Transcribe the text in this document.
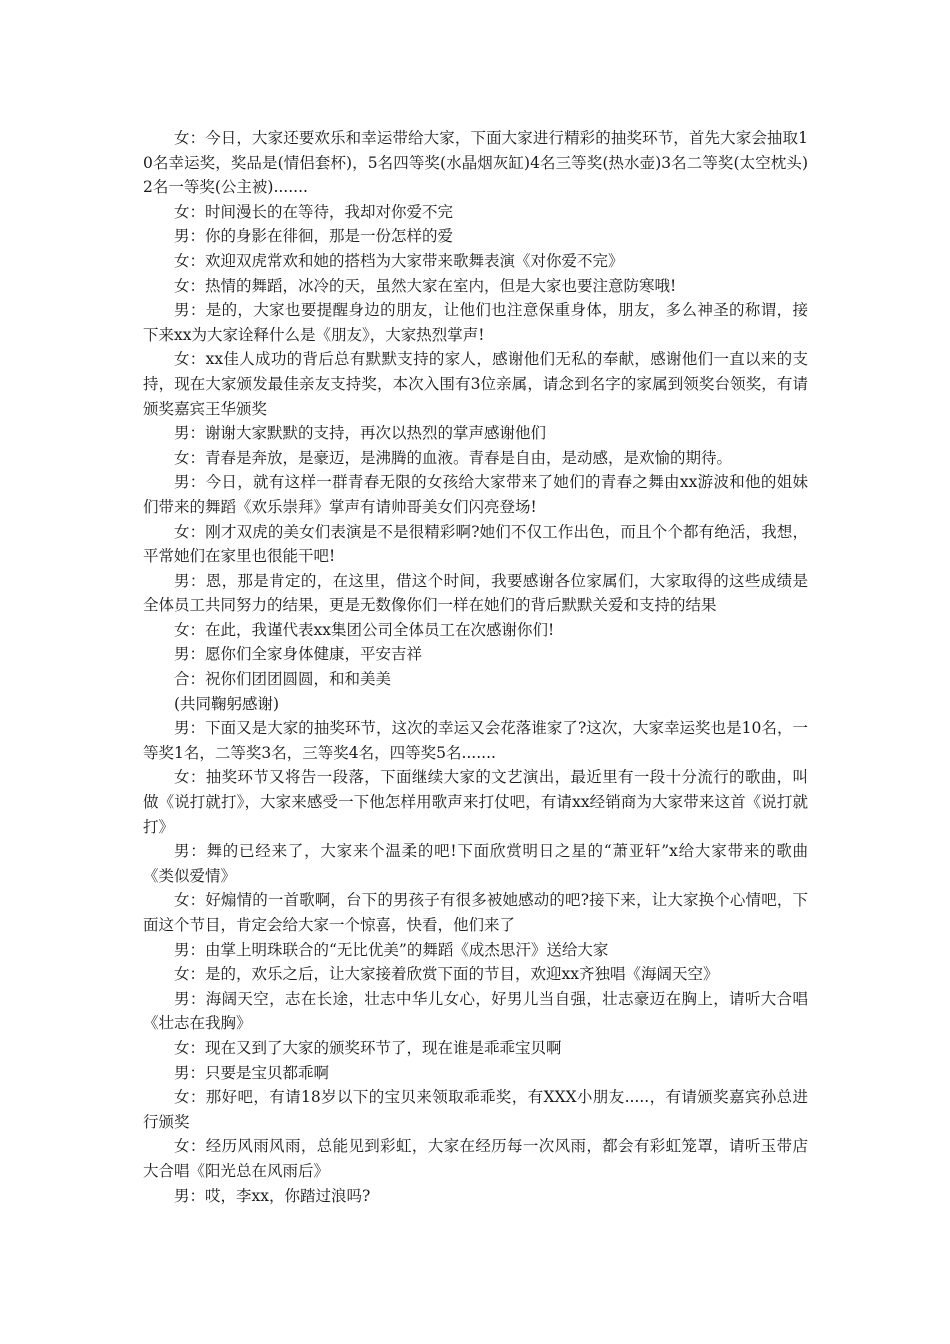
女：今日，大家还要欢乐和幸运带给大家，下面大家进行精彩的抽奖环节，首先大家会抽取10名幸运奖，奖品是(情侣套杯)，5名四等奖(水晶烟灰缸)4名三等奖(热水壶)3名二等奖(太空枕头)2名一等奖(公主被).......

女：时间漫长的在等待，我却对你爱不完

男：你的身影在徘徊，那是一份怎样的爱

女：欢迎双虎常欢和她的搭档为大家带来歌舞表演《对你爱不完》

女：热情的舞蹈，冰冷的天，虽然大家在室内，但是大家也要注意防寒哦!

男：是的，大家也要提醒身边的朋友，让他们也注意保重身体，朋友，多么神圣的称谓，接下来xx为大家诠释什么是《朋友》，大家热烈掌声!

女：xx佳人成功的背后总有默默支持的家人，感谢他们无私的奉献，感谢他们一直以来的支持，现在大家颁发最佳亲友支持奖，本次入围有3位亲属，请念到名字的家属到领奖台领奖，有请颁奖嘉宾王华颁奖

男：谢谢大家默默的支持，再次以热烈的掌声感谢他们

女：青春是奔放，是豪迈，是沸腾的血液。青春是自由，是动感，是欢愉的期待。

男：今日，就有这样一群青春无限的女孩给大家带来了她们的青春之舞由xx游波和他的姐妹们带来的舞蹈《欢乐崇拜》掌声有请帅哥美女们闪亮登场!

女：刚才双虎的美女们表演是不是很精彩啊?她们不仅工作出色，而且个个都有绝活，我想，平常她们在家里也很能干吧!

男：恩，那是肯定的，在这里，借这个时间，我要感谢各位家属们，大家取得的这些成绩是全体员工共同努力的结果，更是无数像你们一样在她们的背后默默关爱和支持的结果

女：在此，我谨代表xx集团公司全体员工在次感谢你们!

男：愿你们全家身体健康，平安吉祥

合：祝你们团团圆圆，和和美美

(共同鞠躬感谢)

男：下面又是大家的抽奖环节，这次的幸运又会花落谁家了?这次，大家幸运奖也是10名，一等奖1名，二等奖3名，三等奖4名，四等奖5名.......

女：抽奖环节又将告一段落，下面继续大家的文艺演出，最近里有一段十分流行的歌曲，叫做《说打就打》，大家来感受一下他怎样用歌声来打仗吧，有请xx经销商为大家带来这首《说打就打》

男：舞的已经来了，大家来个温柔的吧!下面欣赏明日之星的“萧亚轩”x给大家带来的歌曲《类似爱情》

女：好煽情的一首歌啊，台下的男孩子有很多被她感动的吧?接下来，让大家换个心情吧，下面这个节目，肯定会给大家一个惊喜，快看，他们来了

男：由掌上明珠联合的“无比优美”的舞蹈《成杰思汗》送给大家

女：是的，欢乐之后，让大家接着欣赏下面的节目，欢迎xx齐独唱《海阔天空》

男：海阔天空，志在长途，壮志中华儿女心，好男儿当自强，壮志豪迈在胸上，请听大合唱《壮志在我胸》

女：现在又到了大家的颁奖环节了，现在谁是乖乖宝贝啊

男：只要是宝贝都乖啊

女：那好吧，有请18岁以下的宝贝来领取乖乖奖，有XXX小朋友.....，有请颁奖嘉宾孙总进行颁奖

女：经历风雨风雨，总能见到彩虹，大家在经历每一次风雨，都会有彩虹笼罩，请听玉带店大合唱《阳光总在风雨后》

男：哎，李xx，你踏过浪吗?
